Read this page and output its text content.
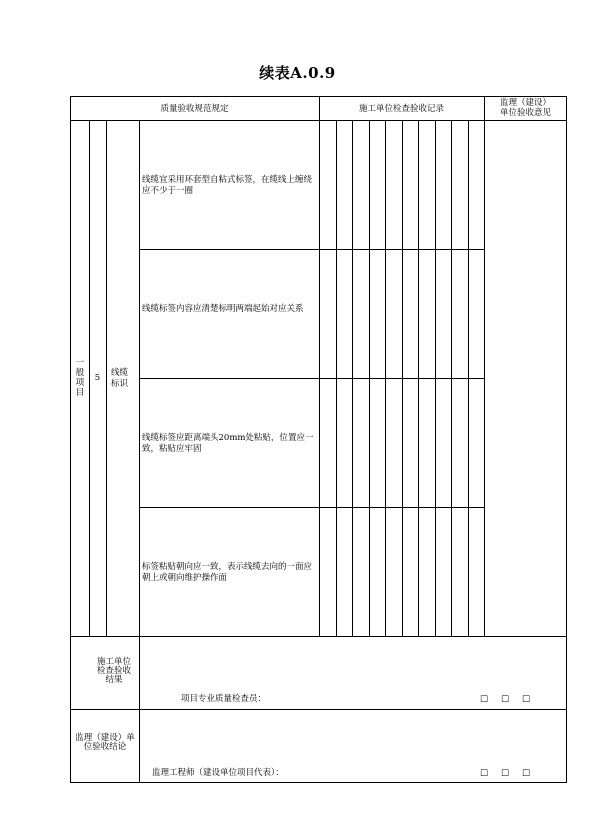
续表A.0.9
质量验收规范规定	施工单位检查验收记录
监理（建设）
单位验收意见
一般项目
5	线缆标识
线缆宜采用环套型自粘式标签，在缆线上缠绕应不少于一圈
线缆标签内容应清楚标明两端起始对应关系
线缆标签应距离端头20mm处粘贴，位置应一致，粘贴应牢固
标签粘贴朝向应一致，表示线缆去向的一面应朝上或朝向维护操作面
施工单位检查验收结果
项目专业质量检查员：	□ □ □
监理（建设）单位验收结论
监理工程师（建设单位项目代表）：	□ □ □
